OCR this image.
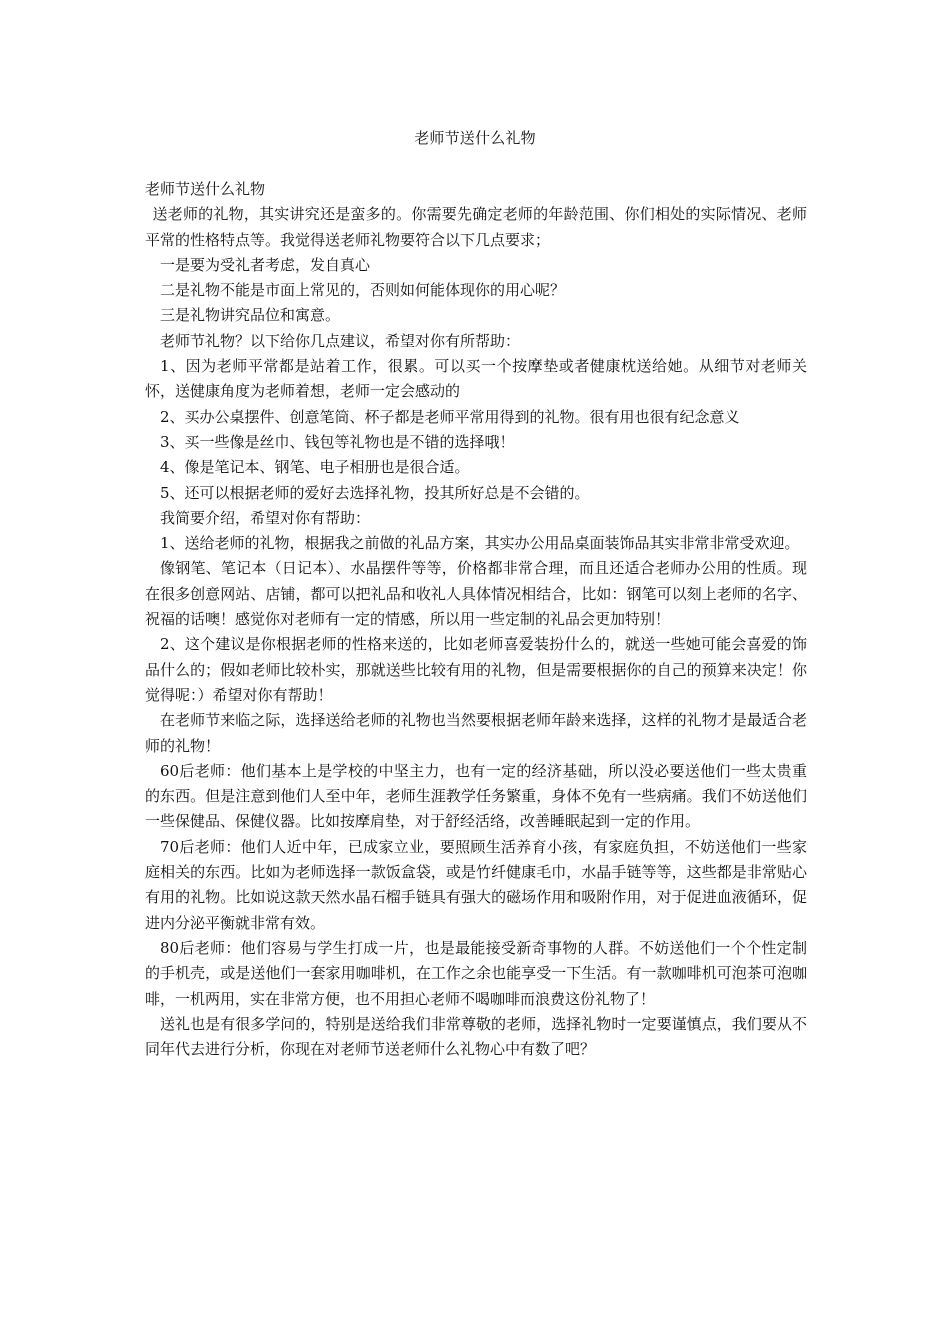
老师节送什么礼物

老师节送什么礼物

送老师的礼物，其实讲究还是蛮多的。你需要先确定老师的年龄范围、你们相处的实际情况、老师平常的性格特点等。我觉得送老师礼物要符合以下几点要求；

一是要为受礼者考虑，发自真心

二是礼物不能是市面上常见的，否则如何能体现你的用心呢？

三是礼物讲究品位和寓意。

老师节礼物？以下给你几点建议，希望对你有所帮助：

1、因为老师平常都是站着工作，很累。可以买一个按摩垫或者健康枕送给她。从细节对老师关怀，送健康角度为老师着想，老师一定会感动的

2、买办公桌摆件、创意笔筒、杯子都是老师平常用得到的礼物。很有用也很有纪念意义

3、买一些像是丝巾、钱包等礼物也是不错的选择哦！

4、像是笔记本、钢笔、电子相册也是很合适。

5、还可以根据老师的爱好去选择礼物，投其所好总是不会错的。

我简要介绍，希望对你有帮助：

1、送给老师的礼物，根据我之前做的礼品方案，其实办公用品桌面装饰品其实非常非常受欢迎。

像钢笔、笔记本（日记本）、水晶摆件等等，价格都非常合理，而且还适合老师办公用的性质。现在很多创意网站、店铺，都可以把礼品和收礼人具体情况相结合，比如：钢笔可以刻上老师的名字、祝福的话噢！感觉你对老师有一定的情感，所以用一些定制的礼品会更加特别！

2、这个建议是你根据老师的性格来送的，比如老师喜爱装扮什么的，就送一些她可能会喜爱的饰品什么的；假如老师比较朴实，那就送些比较有用的礼物，但是需要根据你的自己的预算来决定！你觉得呢：）希望对你有帮助！

在老师节来临之际，选择送给老师的礼物也当然要根据老师年龄来选择，这样的礼物才是最适合老师的礼物！

60后老师：他们基本上是学校的中坚主力，也有一定的经济基础，所以没必要送他们一些太贵重的东西。但是注意到他们人至中年，老师生涯教学任务繁重，身体不免有一些病痛。我们不妨送他们一些保健品、保健仪器。比如按摩肩垫，对于舒经活络，改善睡眠起到一定的作用。

70后老师：他们人近中年，已成家立业，要照顾生活养育小孩，有家庭负担，不妨送他们一些家庭相关的东西。比如为老师选择一款饭盒袋，或是竹纤健康毛巾，水晶手链等等，这些都是非常贴心有用的礼物。比如说这款天然水晶石榴手链具有强大的磁场作用和吸附作用，对于促进血液循环，促进内分泌平衡就非常有效。

80后老师：他们容易与学生打成一片，也是最能接受新奇事物的人群。不妨送他们一个个性定制的手机壳，或是送他们一套家用咖啡机，在工作之余也能享受一下生活。有一款咖啡机可泡茶可泡咖啡，一机两用，实在非常方便，也不用担心老师不喝咖啡而浪费这份礼物了！

送礼也是有很多学问的，特别是送给我们非常尊敬的老师，选择礼物时一定要谨慎点，我们要从不同年代去进行分析，你现在对老师节送老师什么礼物心中有数了吧？
